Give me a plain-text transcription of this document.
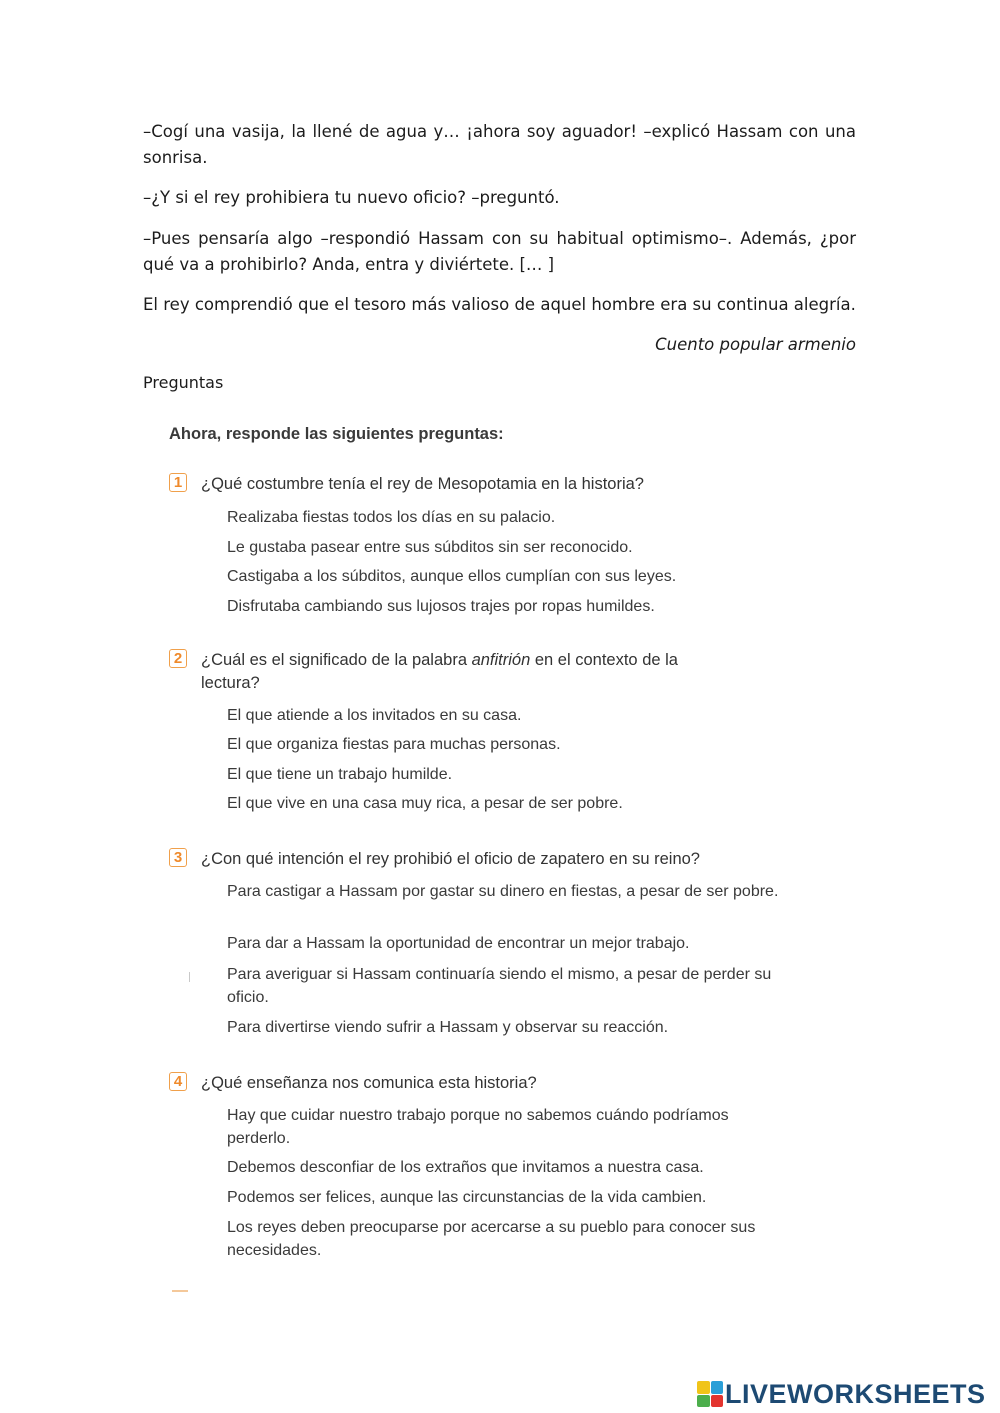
–Cogí una vasija, la llené de agua y… ¡ahora soy aguador! –explicó Hassam con una sonrisa.

–¿Y si el rey prohibiera tu nuevo oficio? –preguntó.

–Pues pensaría algo –respondió Hassam con su habitual optimismo–. Además, ¿por qué va a prohibirlo? Anda, entra y diviértete. [… ]

El rey comprendió que el tesoro más valioso de aquel hombre era su continua alegría.

Cuento popular armenio
Preguntas
Ahora, responde las siguientes preguntas:
1 ¿Qué costumbre tenía el rey de Mesopotamia en la historia?
Realizaba fiestas todos los días en su palacio.
Le gustaba pasear entre sus súbditos sin ser reconocido.
Castigaba a los súbditos, aunque ellos cumplían con sus leyes.
Disfrutaba cambiando sus lujosos trajes por ropas humildes.
2 ¿Cuál es el significado de la palabra anfitrión en el contexto de la lectura?
El que atiende a los invitados en su casa.
El que organiza fiestas para muchas personas.
El que tiene un trabajo humilde.
El que vive en una casa muy rica, a pesar de ser pobre.
3 ¿Con qué intención el rey prohibió el oficio de zapatero en su reino?
Para castigar a Hassam por gastar su dinero en fiestas, a pesar de ser pobre.
Para dar a Hassam la oportunidad de encontrar un mejor trabajo.
Para averiguar si Hassam continuaría siendo el mismo, a pesar de perder su oficio.
Para divertirse viendo sufrir a Hassam y observar su reacción.
4 ¿Qué enseñanza nos comunica esta historia?
Hay que cuidar nuestro trabajo porque no sabemos cuándo podríamos perderlo.
Debemos desconfiar de los extraños que invitamos a nuestra casa.
Podemos ser felices, aunque las circunstancias de la vida cambien.
Los reyes deben preocuparse por acercarse a su pueblo para conocer sus necesidades.
LIVEWORKSHEETS
